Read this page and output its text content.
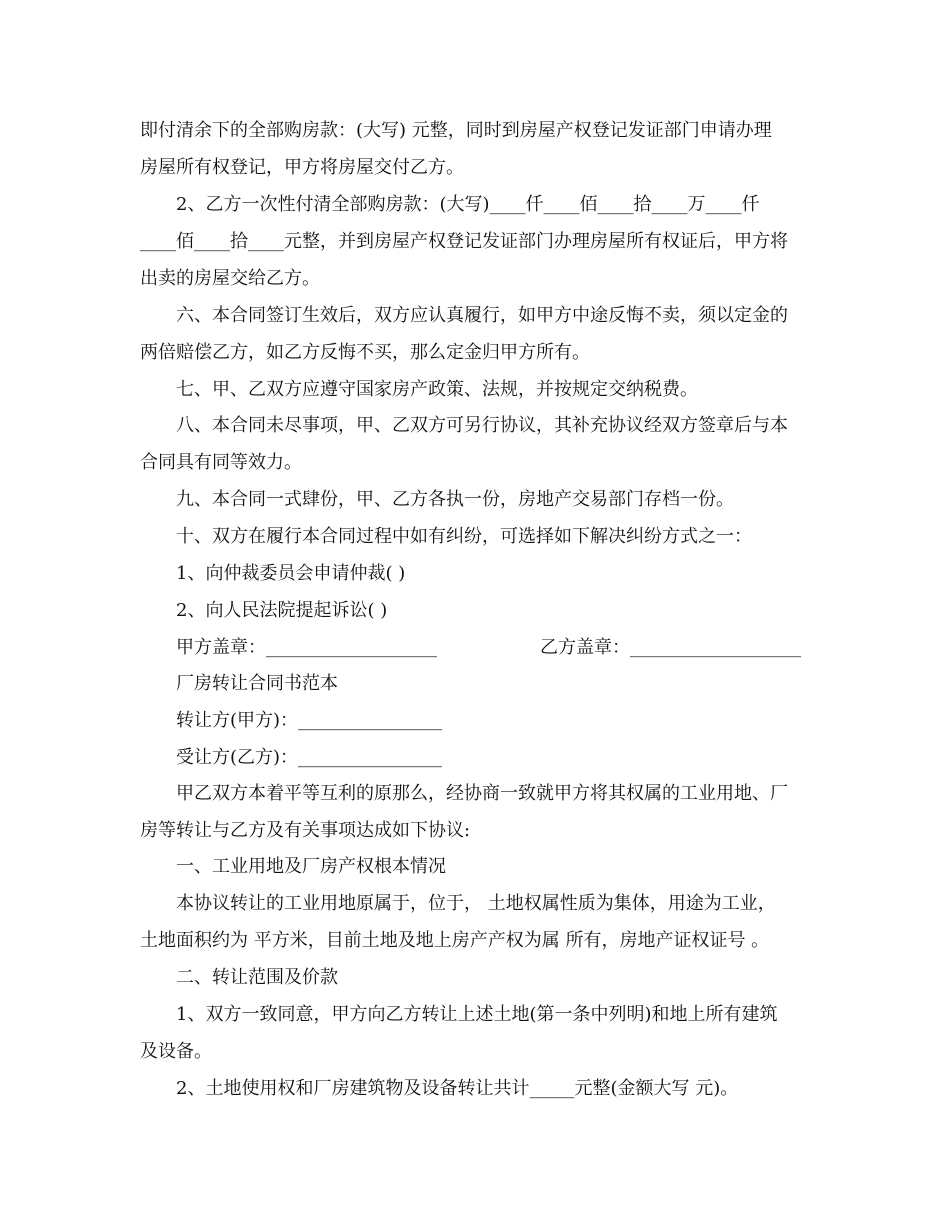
即付清余下的全部购房款：(大写) 元整，同时到房屋产权登记发证部门申请办理
房屋所有权登记，甲方将房屋交付乙方。
2、乙方一次性付清全部购房款：(大写)____仟____佰____拾____万____仟
____佰____拾____元整，并到房屋产权登记发证部门办理房屋所有权证后，甲方将
出卖的房屋交给乙方。
六、本合同签订生效后，双方应认真履行，如甲方中途反悔不卖，须以定金的
两倍赔偿乙方，如乙方反悔不买，那么定金归甲方所有。
七、甲、乙双方应遵守国家房产政策、法规，并按规定交纳税费。
八、本合同未尽事项，甲、乙双方可另行协议，其补充协议经双方签章后与本
合同具有同等效力。
九、本合同一式肆份，甲、乙方各执一份，房地产交易部门存档一份。
十、双方在履行本合同过程中如有纠纷，可选择如下解决纠纷方式之一：
1、向仲裁委员会申请仲裁( )
2、向人民法院提起诉讼( )
甲方盖章：___________________	乙方盖章：___________________
厂房转让合同书范本
转让方(甲方)：________________
受让方(乙方)：________________
甲乙双方本着平等互利的原那么，经协商一致就甲方将其权属的工业用地、厂
房等转让与乙方及有关事项达成如下协议:
一、工业用地及厂房产权根本情况
本协议转让的工业用地原属于，位于， 土地权属性质为集体，用途为工业，
土地面积约为 平方米，目前土地及地上房产产权为属 所有，房地产证权证号 。
二、转让范围及价款
1、双方一致同意，甲方向乙方转让上述土地(第一条中列明)和地上所有建筑
及设备。
2、土地使用权和厂房建筑物及设备转让共计_____元整(金额大写 元)。
